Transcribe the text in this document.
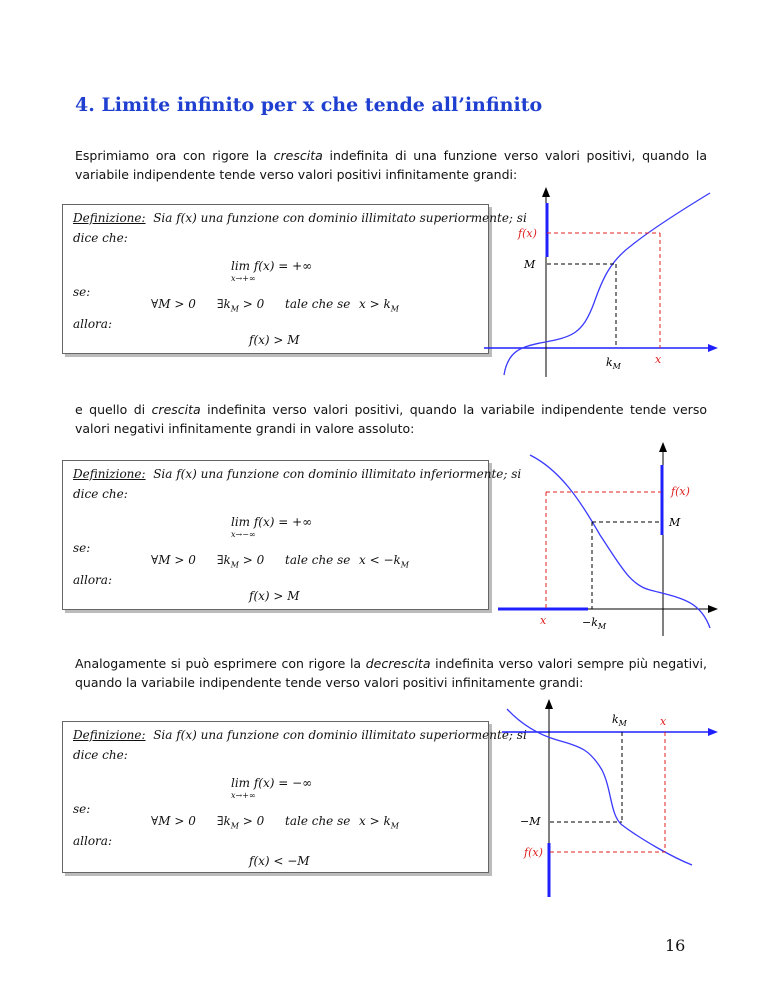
4. Limite infinito per x che tende all’infinito
Esprimiamo ora con rigore la crescita indefinita di una funzione verso valori positivi, quando la variabile indipendente tende verso valori positivi infinitamente grandi:
Definizione: Sia f(x) una funzione con dominio illimitato superiormente; si
dice che:
lim f(x) = +∞
x→+∞
se:
∀M > 0 $\exists k_M > 0$ tale che se $x > k_M$
allora:
f(x) > M
f(x)
M
$k_M$
x
e quello di crescita indefinita verso valori positivi, quando la variabile indipendente tende verso valori negativi infinitamente grandi in valore assoluto:
Definizione: Sia f(x) una funzione con dominio illimitato inferiormente; si
dice che:
lim f(x) = +∞
x→−∞
se:
∀M > 0 $\exists k_M > 0$ tale che se $x < -k_M$
allora:
f(x) > M
f(x)
M
$-k_M$
x
Analogamente si può esprimere con rigore la decrescita indefinita verso valori sempre più negativi, quando la variabile indipendente tende verso valori positivi infinitamente grandi:
Definizione: Sia f(x) una funzione con dominio illimitato superiormente; si
dice che:
lim f(x) = −∞
x→+∞
se:
∀M > 0 $\exists k_M > 0$ tale che se $x > k_M$
allora:
f(x) < −M
$k_M$	x
−M
f(x)
16
